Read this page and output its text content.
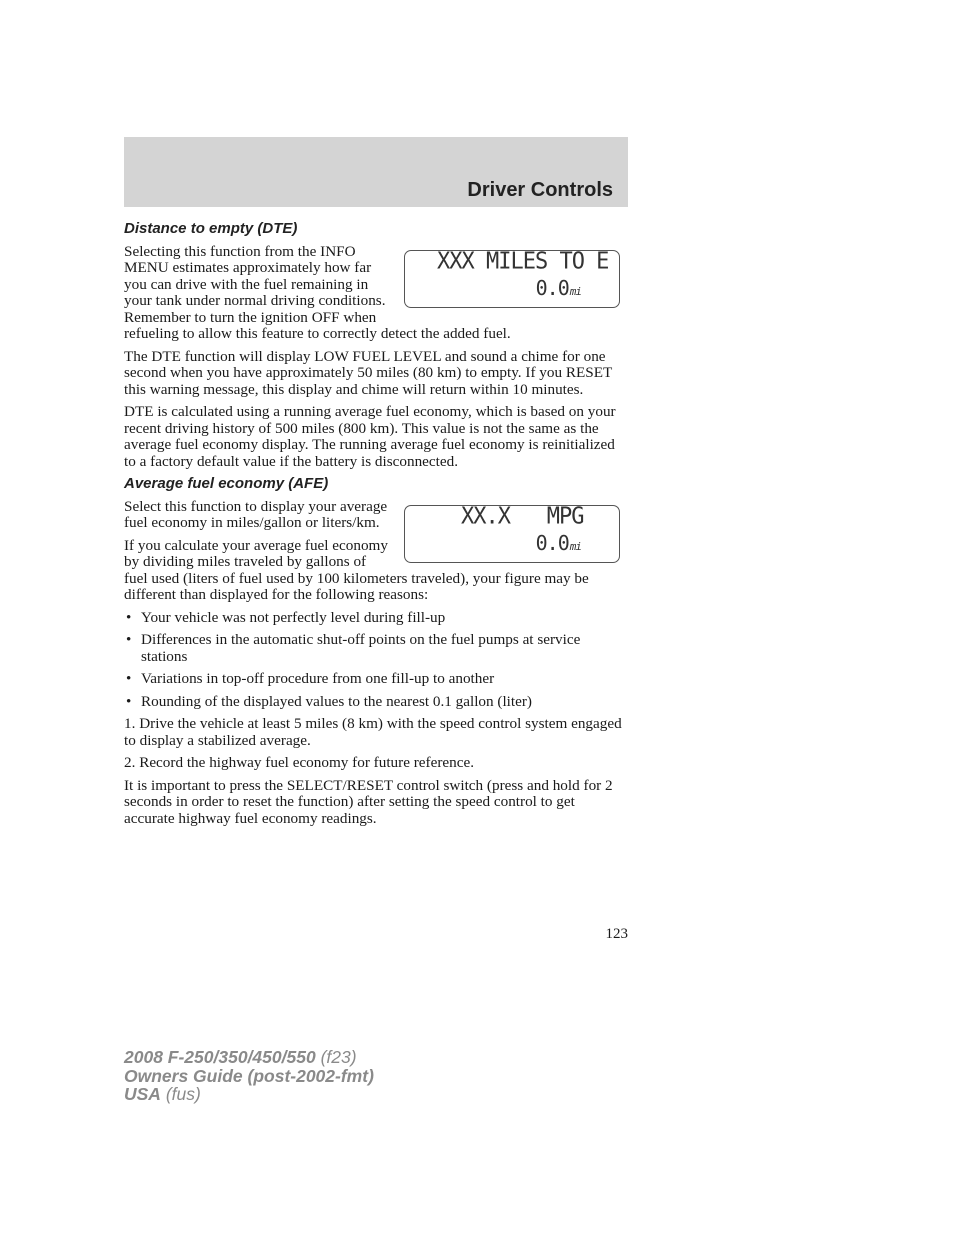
Driver Controls
Distance to empty (DTE)
XXX MILES TO E
0.0mi

Selecting this function from the INFO MENU estimates approximately how far you can drive with the fuel remaining in your tank under normal driving conditions. Remember to turn the ignition OFF when refueling to allow this feature to correctly detect the added fuel.

The DTE function will display LOW FUEL LEVEL and sound a chime for one second when you have approximately 50 miles (80 km) to empty. If you RESET this warning message, this display and chime will return within 10 minutes.

DTE is calculated using a running average fuel economy, which is based on your recent driving history of 500 miles (800 km). This value is not the same as the average fuel economy display. The running average fuel economy is reinitialized to a factory default value if the battery is disconnected.

Average fuel economy (AFE)
XX.X   MPG
0.0mi

Select this function to display your average fuel economy in miles/gallon or liters/km.

If you calculate your average fuel economy by dividing miles traveled by gallons of fuel used (liters of fuel used by 100 kilometers traveled), your figure may be different than displayed for the following reasons:

• Your vehicle was not perfectly level during fill-up
• Differences in the automatic shut-off points on the fuel pumps at service stations
• Variations in top-off procedure from one fill-up to another
• Rounding of the displayed values to the nearest 0.1 gallon (liter)

1. Drive the vehicle at least 5 miles (8 km) with the speed control system engaged to display a stabilized average.

2. Record the highway fuel economy for future reference.

It is important to press the SELECT/RESET control switch (press and hold for 2 seconds in order to reset the function) after setting the speed control to get accurate highway fuel economy readings.

123
2008 F-250/350/450/550 (f23)
Owners Guide (post-2002-fmt)
USA (fus)
